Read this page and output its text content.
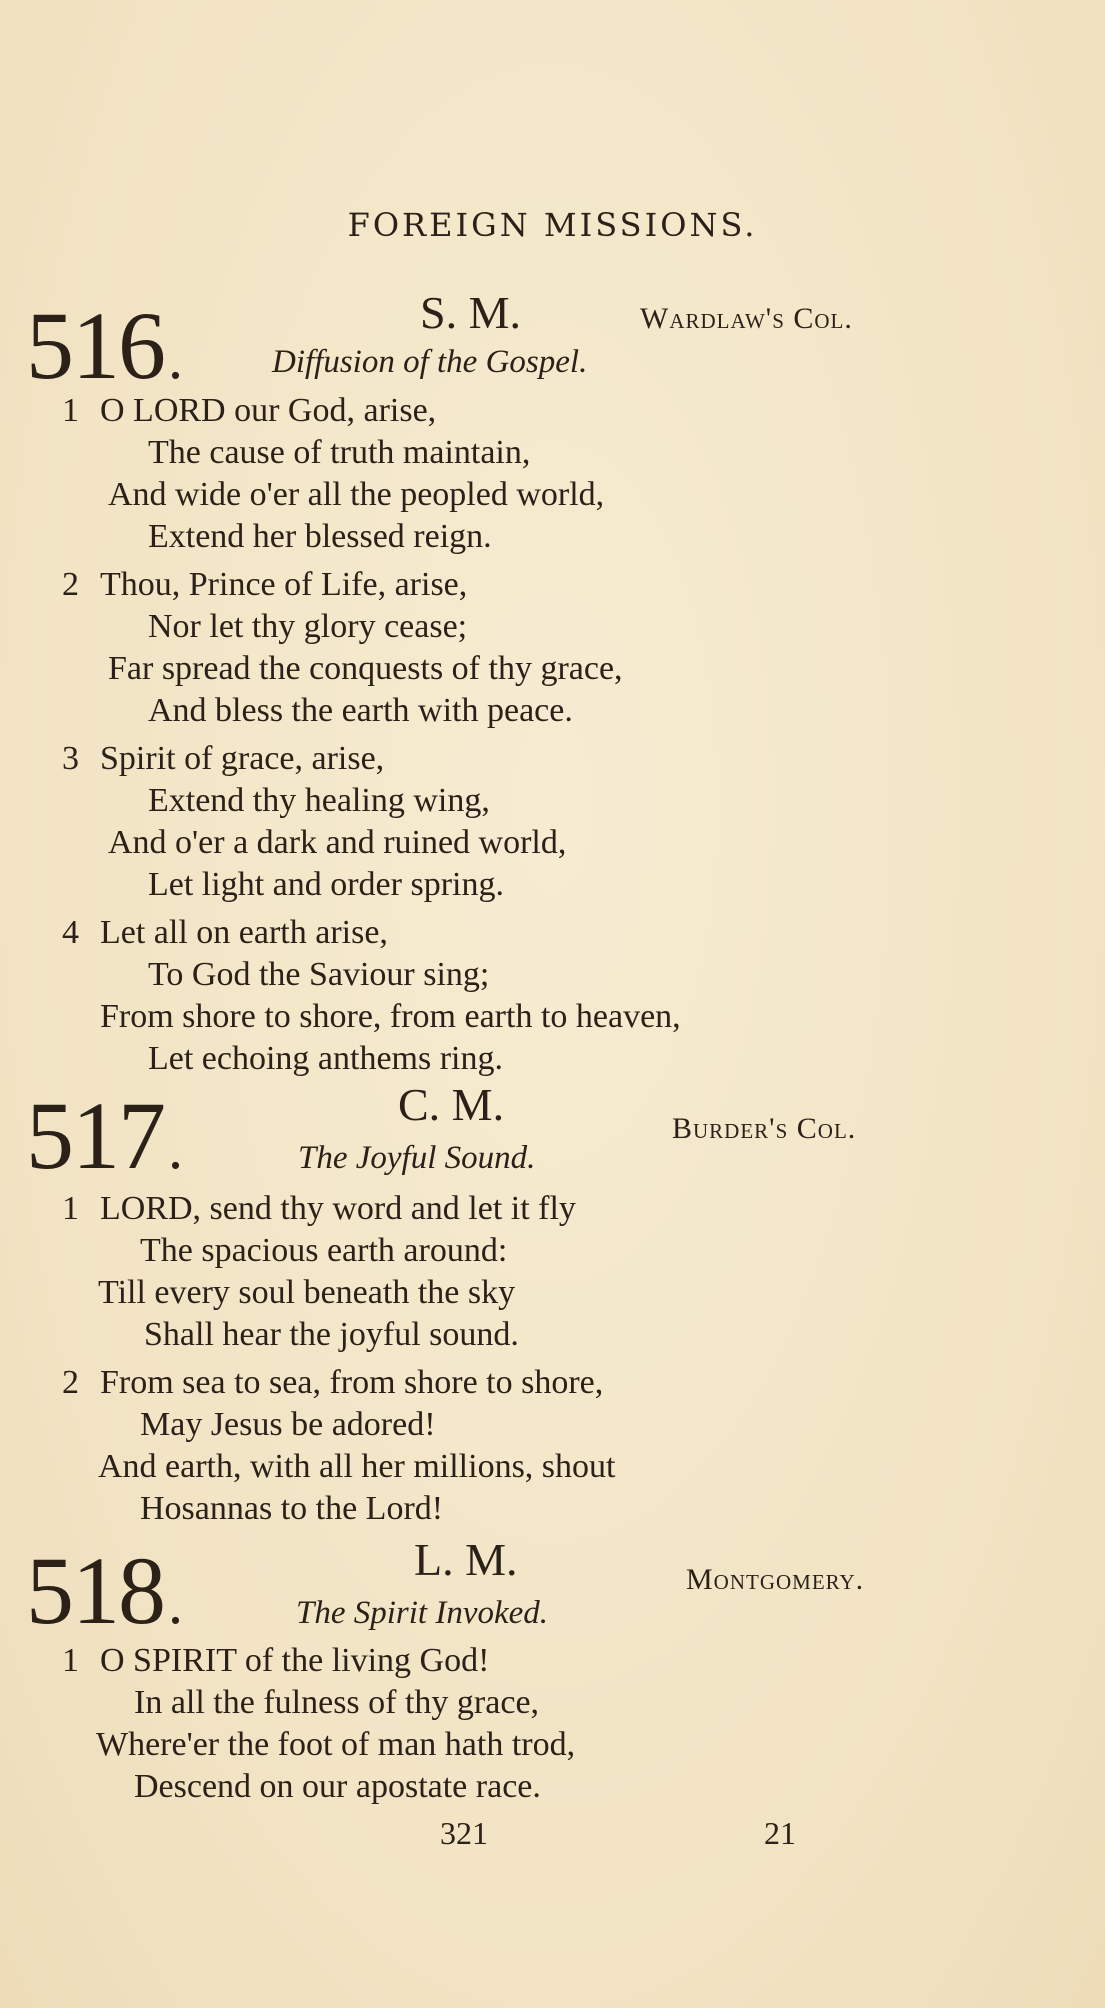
FOREIGN MISSIONS.
516.
S. M.	Wardlaw's Col.
Diffusion of the Gospel.
1 O LORD our God, arise,
The cause of truth maintain,
And wide o'er all the peopled world,
Extend her blessed reign.
2 Thou, Prince of Life, arise,
Nor let thy glory cease;
Far spread the conquests of thy grace,
And bless the earth with peace.
3 Spirit of grace, arise,
Extend thy healing wing,
And o'er a dark and ruined world,
Let light and order spring.
4 Let all on earth arise,
To God the Saviour sing;
From shore to shore, from earth to heaven,
Let echoing anthems ring.
517.
C. M.	Burder's Col.
The Joyful Sound.
1 LORD, send thy word and let it fly
The spacious earth around:
Till every soul beneath the sky
Shall hear the joyful sound.
2 From sea to sea, from shore to shore,
May Jesus be adored!
And earth, with all her millions, shout
Hosannas to the Lord!
518.
L. M.	Montgomery.
The Spirit Invoked.
1 O SPIRIT of the living God!
In all the fulness of thy grace,
Where'er the foot of man hath trod,
Descend on our apostate race.
321	21
